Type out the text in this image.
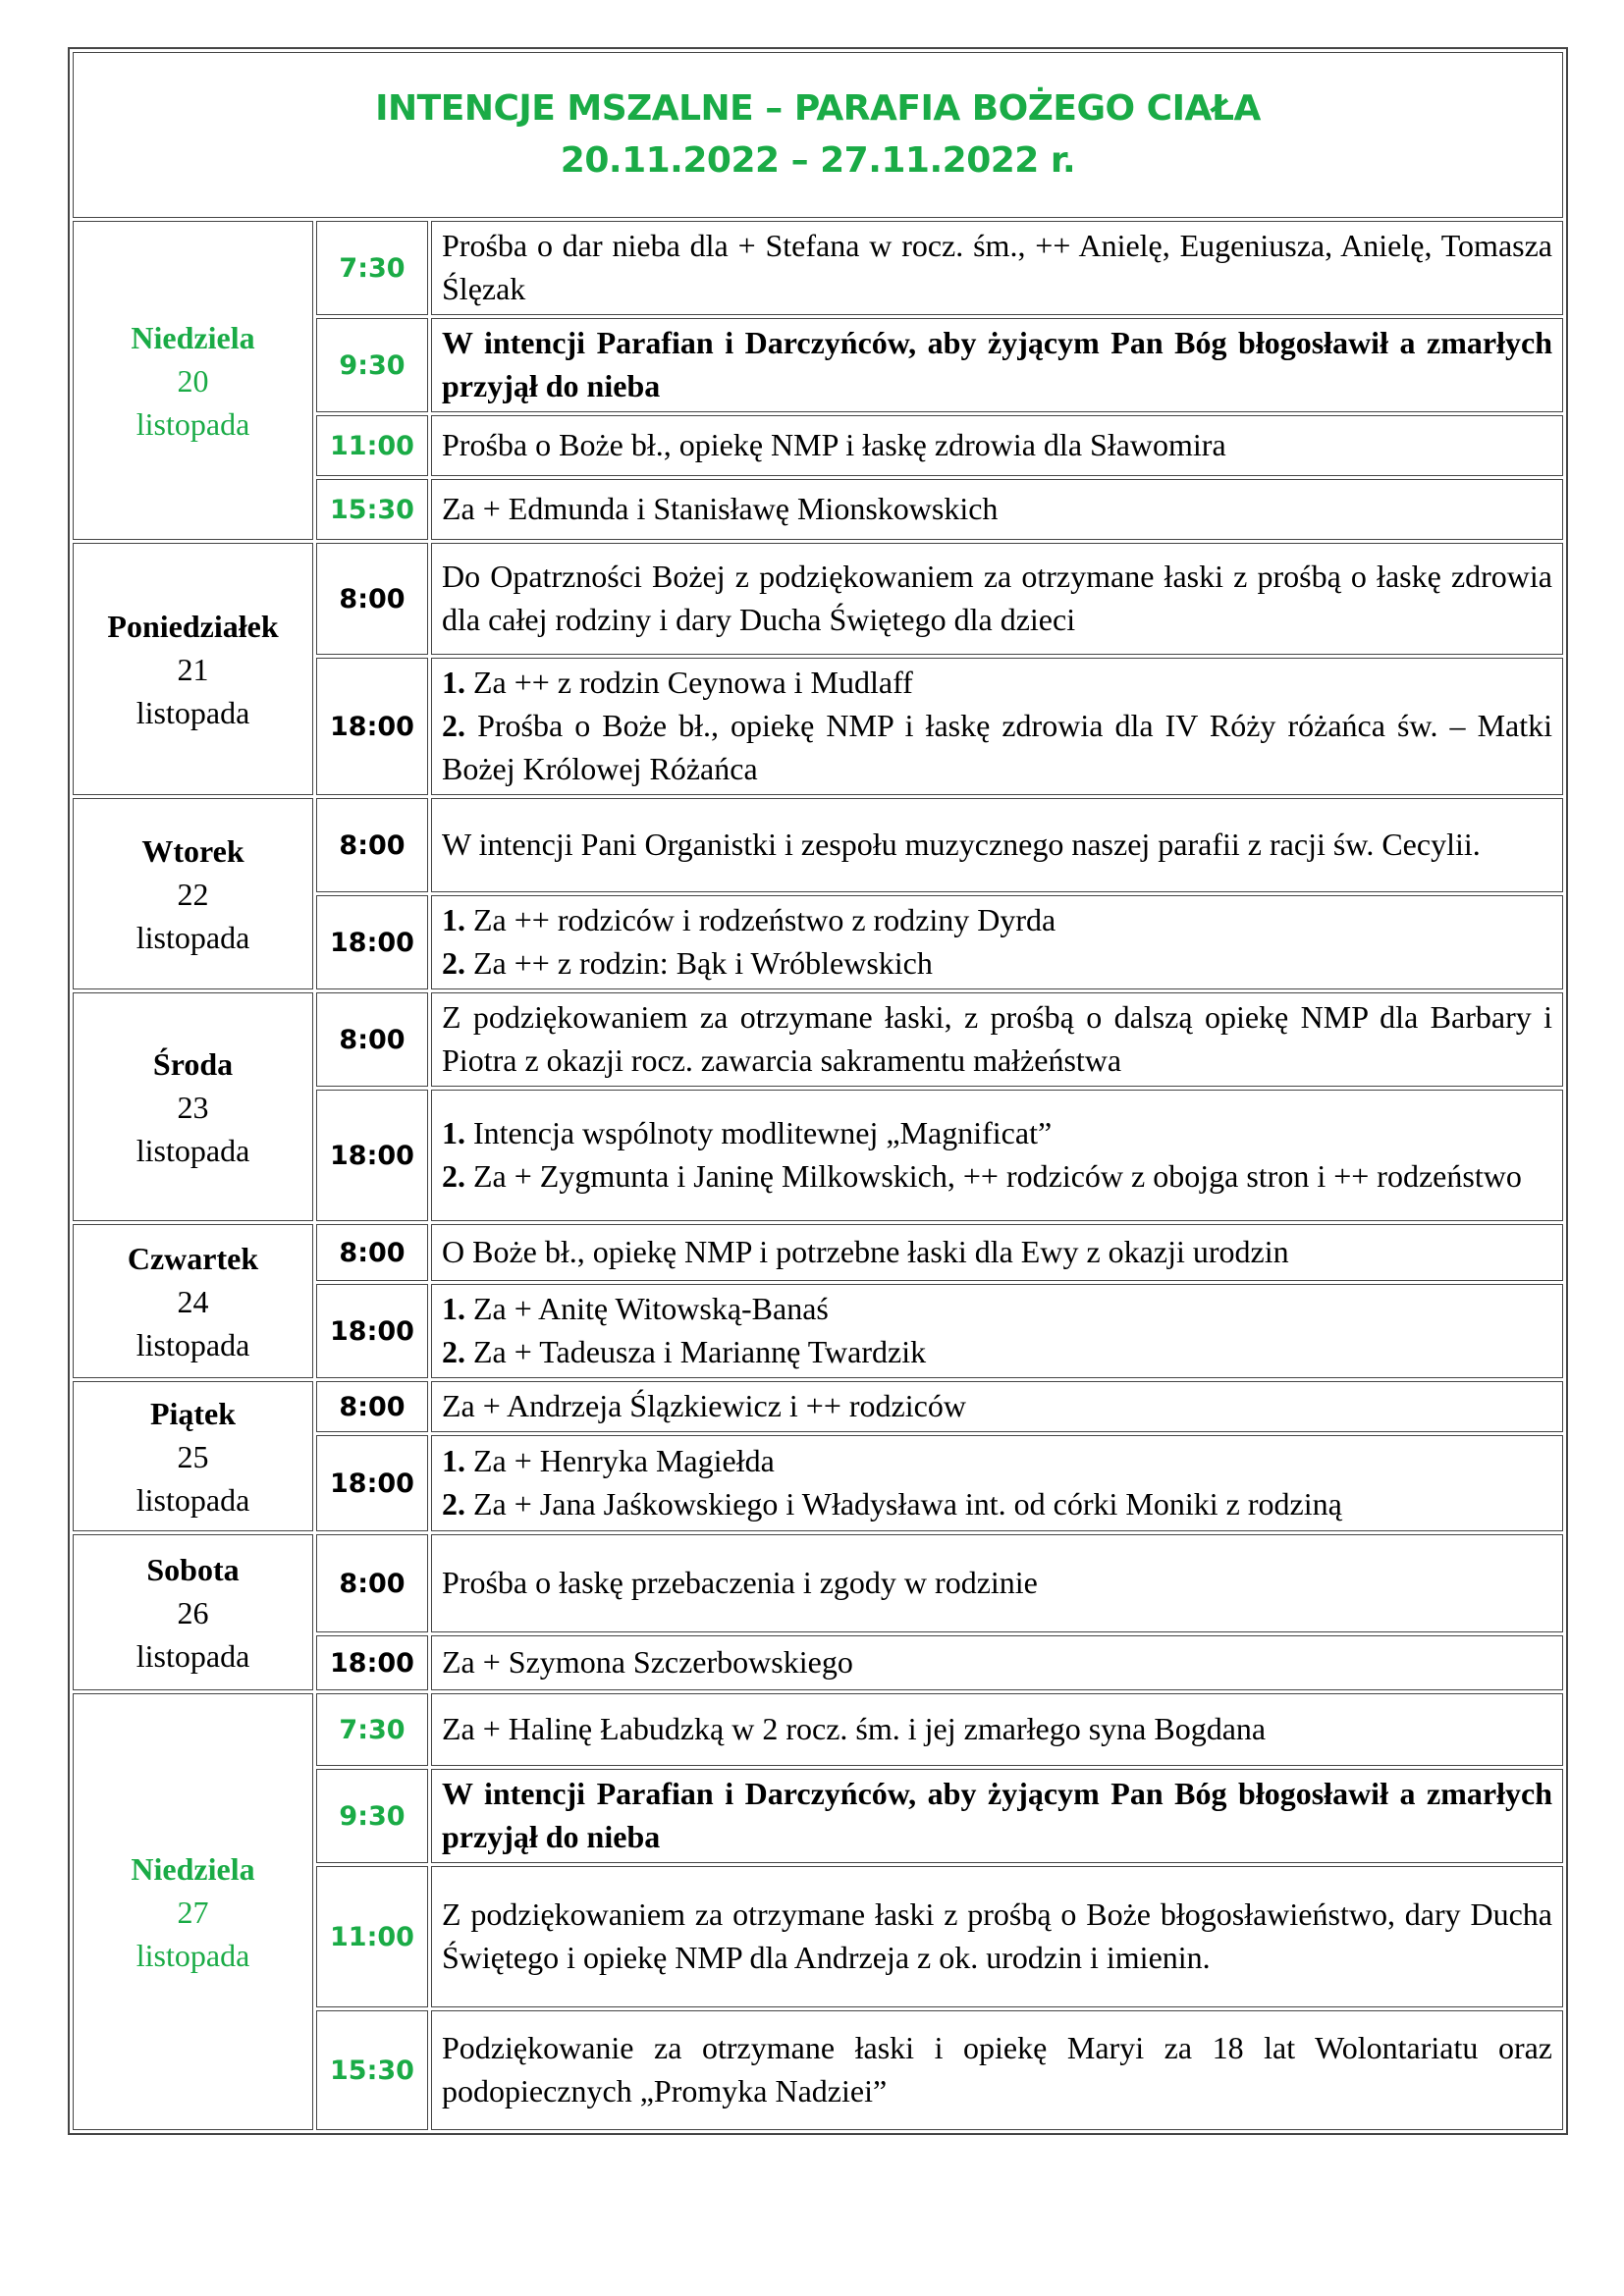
INTENCJE MSZALNE – PARAFIA BOŻEGO CIAŁA
20.11.2022 – 27.11.2022 r.
Niedziela
20
listopada	7:30	Prośba o dar nieba dla + Stefana w rocz. śm., ++ Anielę, Eugeniusza, Anielę, Tomasza Ślęzak

	9:30	W intencji Parafian i Darczyńców, aby żyjącym Pan Bóg błogosławił a zmarłych przyjął do nieba

	11:00	Prośba o Boże bł., opiekę NMP i łaskę zdrowia dla Sławomira

	15:30	Za + Edmunda i Stanisławę Mionskowskich

Poniedziałek
21
listopada	8:00	Do Opatrzności Bożej z podziękowaniem za otrzymane łaski z prośbą o łaskę zdrowia dla całej rodziny i dary Ducha Świętego dla dzieci

	18:00	1. Za ++ z rodzin Ceynowa i Mudlaff
2. Prośba o Boże bł., opiekę NMP i łaskę zdrowia dla IV Róży różańca św. – Matki Bożej Królowej Różańca

Wtorek
22
listopada	8:00	W intencji Pani Organistki i zespołu muzycznego naszej parafii z racji św. Cecylii.

	18:00	1. Za ++ rodziców i rodzeństwo z rodziny Dyrda
2. Za ++ z rodzin: Bąk i Wróblewskich

Środa
23
listopada	8:00	Z podziękowaniem za otrzymane łaski, z prośbą o dalszą opiekę NMP dla Barbary i Piotra z okazji rocz. zawarcia sakramentu małżeństwa

	18:00	1. Intencja wspólnoty modlitewnej „Magnificat”
2. Za + Zygmunta i Janinę Milkowskich, ++ rodziców z obojga stron i ++ rodzeństwo

Czwartek
24
listopada	8:00	O Boże bł., opiekę NMP i potrzebne łaski dla Ewy z okazji urodzin

	18:00	1. Za + Anitę Witowską-Banaś
2. Za + Tadeusza i Mariannę Twardzik

Piątek
25
listopada	8:00	Za + Andrzeja Ślązkiewicz i ++ rodziców

	18:00	1. Za + Henryka Magiełda
2. Za + Jana Jaśkowskiego i Władysława int. od córki Moniki z rodziną

Sobota
26
listopada	8:00	Prośba o łaskę przebaczenia i zgody w rodzinie

	18:00	Za + Szymona Szczerbowskiego

Niedziela
27
listopada	7:30	Za + Halinę Łabudzką w 2 rocz. śm. i jej zmarłego syna Bogdana

	9:30	W intencji Parafian i Darczyńców, aby żyjącym Pan Bóg błogosławił a zmarłych przyjął do nieba

	11:00	Z podziękowaniem za otrzymane łaski z prośbą o Boże błogosławieństwo, dary Ducha Świętego i opiekę NMP dla Andrzeja z ok. urodzin i imienin.

	15:30	Podziękowanie za otrzymane łaski i opiekę Maryi za 18 lat Wolontariatu oraz podopiecznych „Promyka Nadziei”
